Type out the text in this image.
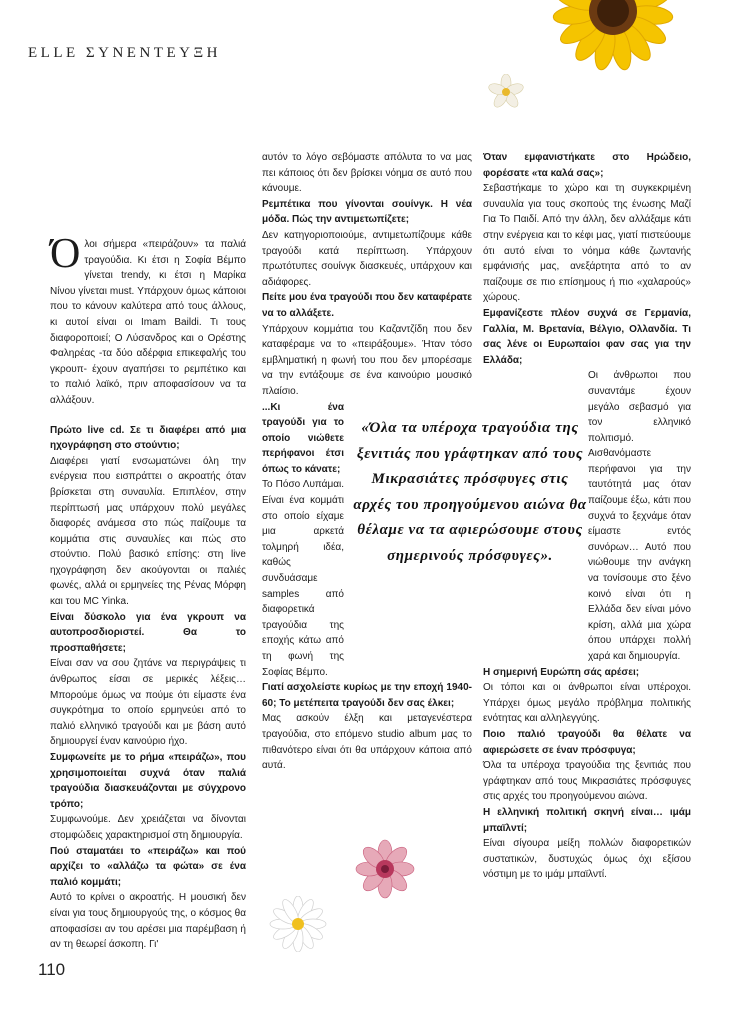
ELLE ΣΥΝΕΝΤΕΥΞΗ

Όλοι σήμερα «πειράζουν» τα παλιά τραγούδια. Κι έτσι η Σοφία Βέμπο γίνεται trendy, κι έτσι η Μαρίκα Νίνου γίνεται must. Υπάρχουν όμως κάποιοι που το κάνουν καλύτερα από τους άλλους, κι αυτοί είναι οι Imam Baildi. Τι τους διαφοροποιεί; Ο Λύσανδρος και ο Ορέστης Φαληρέας -τα δύο αδέρφια επικεφαλής του γκρουπ- έχουν αγαπήσει το ρεμπέτικο και το παλιό λαϊκό, πριν αποφασίσουν να τα αλλάξουν.

Πρώτο live cd. Σε τι διαφέρει από μια ηχογράφηση στο στούντιο;

Διαφέρει γιατί ενσωματώνει όλη την ενέργεια που εισπράττει ο ακροατής όταν βρίσκεται στη συναυλία. Επιπλέον, στην περίπτωσή μας υπάρχουν πολύ μεγάλες διαφορές ανάμεσα στο πώς παίζουμε τα κομμάτια στις συναυλίες και πώς στο στούντιο. Πολύ βασικό επίσης: στη live ηχογράφηση δεν ακούγονται οι παλιές φωνές, αλλά οι ερμηνείες της Ρένας Μόρφη και του MC Yinka.

Είναι δύσκολο για ένα γκρουπ να αυτοπροσδιοριστεί. Θα το προσπαθήσετε;

Είναι σαν να σου ζητάνε να περιγράψεις τι άνθρωπος είσαι σε μερικές λέξεις… Μπορούμε όμως να πούμε ότι είμαστε ένα συγκρότημα το οποίο ερμηνεύει από το παλιό ελληνικό τραγούδι και με βάση αυτό δημιουργεί έναν καινούριο ήχο.

Συμφωνείτε με το ρήμα «πειράζω», που χρησιμοποιείται συχνά όταν παλιά τραγούδια διασκευάζονται με σύγχρονο τρόπο;

Συμφωνούμε. Δεν χρειάζεται να δίνονται στομφώδεις χαρακτηρισμοί στη δημιουργία.

Πού σταματάει το «πειράζω» και πού αρχίζει το «αλλάζω τα φώτα» σε ένα παλιό κομμάτι;

Αυτό το κρίνει ο ακροατής. Η μουσική δεν είναι για τους δημιουργούς της, ο κόσμος θα αποφασίσει αν του αρέσει μια παρέμβαση ή αν τη θεωρεί άσκοπη. Γι'

αυτόν το λόγο σεβόμαστε απόλυτα το να μας πει κάποιος ότι δεν βρίσκει νόημα σε αυτό που κάνουμε.

Ρεμπέτικα που γίνονται σουίνγκ. Η νέα μόδα. Πώς την αντιμετωπίζετε;

Δεν κατηγοριοποιούμε, αντιμετωπίζουμε κάθε τραγούδι κατά περίπτωση. Υπάρχουν πρωτότυπες σουίνγκ διασκευές, υπάρχουν και αδιάφορες.

Πείτε μου ένα τραγούδι που δεν καταφέρατε να το αλλάξετε.

Υπάρχουν κομμάτια του Καζαντζίδη που δεν καταφέραμε να το «πειράξουμε». Ήταν τόσο εμβληματική η φωνή του που δεν μπορέσαμε να την εντάξουμε σε ένα καινούριο μουσικό πλαίσιο.

...Κι ένα τραγούδι για το οποίο νιώθετε περήφανοι έτσι όπως το κάνατε;

Το Πόσο Λυπάμαι. Είναι ένα κομμάτι στο οποίο είχαμε μια αρκετά τολμηρή ιδέα, καθώς συνδυάσαμε samples από διαφορετικά τραγούδια της εποχής κάτω από τη φωνή της Σοφίας Βέμπο.

Γιατί ασχολείστε κυρίως με την εποχή 1940-60; Το μετέπειτα τραγούδι δεν σας έλκει;

Μας ασκούν έλξη και μεταγενέστερα τραγούδια, στο επόμενο studio album μας το πιθανότερο είναι ότι θα υπάρχουν κάποια από αυτά.

Όταν εμφανιστήκατε στο Ηρώδειο, φορέσατε «τα καλά σας»;

Σεβαστήκαμε το χώρο και τη συγκεκριμένη συναυλία για τους σκοπούς της ένωσης Μαζί Για Το Παιδί. Από την άλλη, δεν αλλάξαμε κάτι στην ενέργεια και το κέφι μας, γιατί πιστεύουμε ότι αυτό είναι το νόημα κάθε ζωντανής εμφάνισής μας, ανεξάρτητα από το αν παίζουμε σε πιο επίσημους ή πιο «χαλαρούς» χώρους.

Εμφανίζεστε πλέον συχνά σε Γερμανία, Γαλλία, Μ. Βρετανία, Βέλγιο, Ολλανδία. Τι σας λένε οι Ευρωπαίοι φαν σας για την Ελλάδα;

Οι άνθρωποι που συναντάμε έχουν μεγάλο σεβασμό για τον ελληνικό πολιτισμό. Αισθανόμαστε περήφανοι για την ταυτότητά μας όταν παίζουμε έξω, κάτι που συχνά το ξεχνάμε όταν είμαστε εντός συνόρων… Αυτό που νιώθουμε την ανάγκη να τονίσουμε στο ξένο κοινό είναι ότι η Ελλάδα δεν είναι μόνο κρίση, αλλά μια χώρα όπου υπάρχει πολλή χαρά και δημιουργία.

Η σημερινή Ευρώπη σάς αρέσει;

Οι τόποι και οι άνθρωποι είναι υπέροχοι. Υπάρχει όμως μεγάλο πρόβλημα πολιτικής ενότητας και αλληλεγγύης.

Ποιο παλιό τραγούδι θα θέλατε να αφιερώσετε σε έναν πρόσφυγα;

Όλα τα υπέροχα τραγούδια της ξενιτιάς που γράφτηκαν από τους Μικρασιάτες πρόσφυγες στις αρχές του προηγούμενου αιώνα.

Η ελληνική πολιτική σκηνή είναι… ιμάμ μπαϊλντί;

Είναι σίγουρα μείξη πολλών διαφορετικών συστατικών, δυστυχώς όμως όχι εξίσου νόστιμη με το ιμάμ μπαϊλντί.

«Όλα τα υπέροχα τραγούδια της ξενιτιάς που γράφτηκαν από τους Μικρασιάτες πρόσφυγες στις αρχές του προηγούμενου αιώνα θα θέλαμε να τα αφιερώσουμε στους σημερινούς πρόσφυγες».
110
